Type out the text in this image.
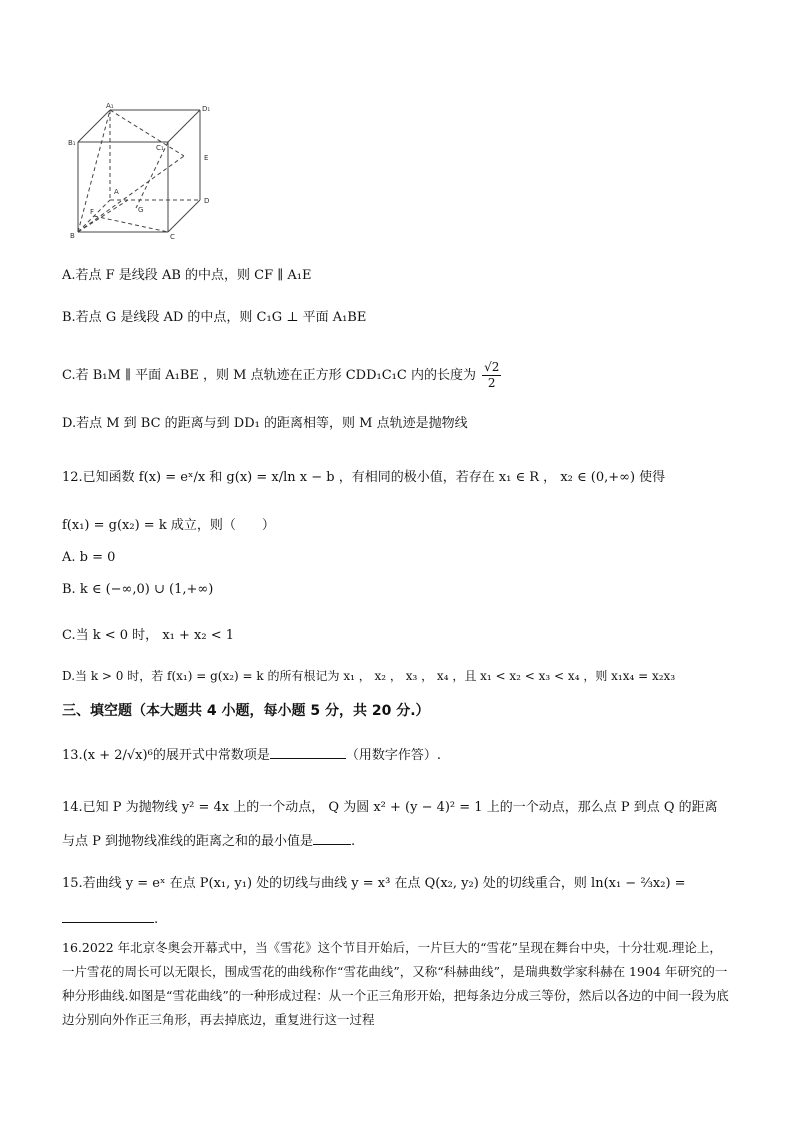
A₁	D₁
B₁
C₁
E
A
D
F	G
B	C
A.若点 F 是线段 AB 的中点，则 CF ∥ A₁E
B.若点 G 是线段 AD 的中点，则 C₁G ⊥ 平面 A₁BE
C.若 B₁M ∥ 平面 A₁BE ，则 M 点轨迹在正方形 CDD₁C₁C 内的长度为 $\frac{√2}{2}$
D.若点 M 到 BC 的距离与到 DD₁ 的距离相等，则 M 点轨迹是抛物线
12.已知函数 f(x) = eˣ/x 和 g(x) = x/ln x − b ，有相同的极小值，若存在 x₁ ∈ R ， x₂ ∈ (0,+∞) 使得
f(x₁) = g(x₂) = k 成立，则（　　）
A. b = 0
B. k ∈ (−∞,0) ∪ (1,+∞)
C.当 k < 0 时， x₁ + x₂ < 1
D.当 k > 0 时，若 f(x₁) = g(x₂) = k 的所有根记为 x₁ ， x₂ ， x₃ ， x₄ ，且 x₁ < x₂ < x₃ < x₄ ，则 x₁x₄ = x₂x₃
三、填空题（本大题共 4 小题，每小题 5 分，共 20 分.）
13.(x + 2/√x)⁶的展开式中常数项是	（用数字作答）.
14.已知 P 为抛物线 y² = 4x 上的一个动点， Q 为圆 x² + (y − 4)² = 1 上的一个动点，那么点 P 到点 Q 的距离
与点 P 到抛物线准线的距离之和的最小值是	.
15.若曲线 y = eˣ 在点 P(x₁, y₁) 处的切线与曲线 y = x³ 在点 Q(x₂, y₂) 处的切线重合，则 ln(x₁ − ⅔x₂) =
.
16.2022 年北京冬奥会开幕式中，当《雪花》这个节目开始后，一片巨大的“雪花”呈现在舞台中央，十分壮观.理论上，一片雪花的周长可以无限长，围成雪花的曲线称作“雪花曲线”，又称“科赫曲线”，是瑞典数学家科赫在 1904 年研究的一种分形曲线.如图是“雪花曲线”的一种形成过程：从一个正三角形开始，把每条边分成三等份，然后以各边的中间一段为底边分别向外作正三角形，再去掉底边，重复进行这一过程
